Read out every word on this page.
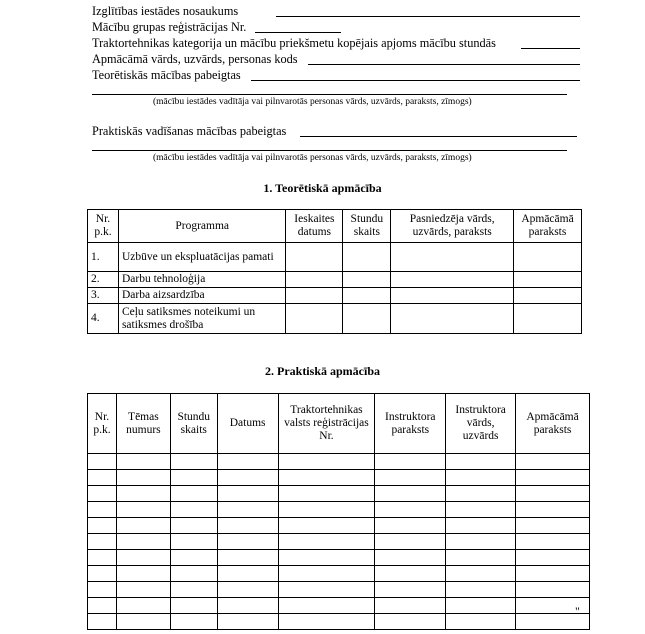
Izglītības iestādes nosaukums
Mācību grupas reģistrācijas Nr.
Traktortehnikas kategorija un mācību priekšmetu kopējais apjoms mācību stundās
Apmācāmā vārds, uzvārds, personas kods
Teorētiskās mācības pabeigtas
(mācību iestādes vadītāja vai pilnvarotās personas vārds, uzvārds, paraksts, zīmogs)
Praktiskās vadīšanas mācības pabeigtas
(mācību iestādes vadītāja vai pilnvarotās personas vārds, uzvārds, paraksts, zīmogs)
1. Teorētiskā apmācība
Nr. p.k.	Programma	Ieskaites datums	Stundu skaits	Pasniedzēja vārds, uzvārds, paraksts	Apmācāmā paraksts
1.	Uzbūve un ekspluatācijas pamati				
2.	Darbu tehnoloģija				
3.	Darba aizsardzība				
4.	Ceļu satiksmes noteikumi un satiksmes drošība				
2. Praktiskā apmācība
Nr. p.k.	Tēmas numurs	Stundu skaits	Datums	Traktortehnikas valsts reģistrācijas Nr.	Instruktora paraksts	Instruktora vārds, uzvārds	Apmācāmā paraksts

"
